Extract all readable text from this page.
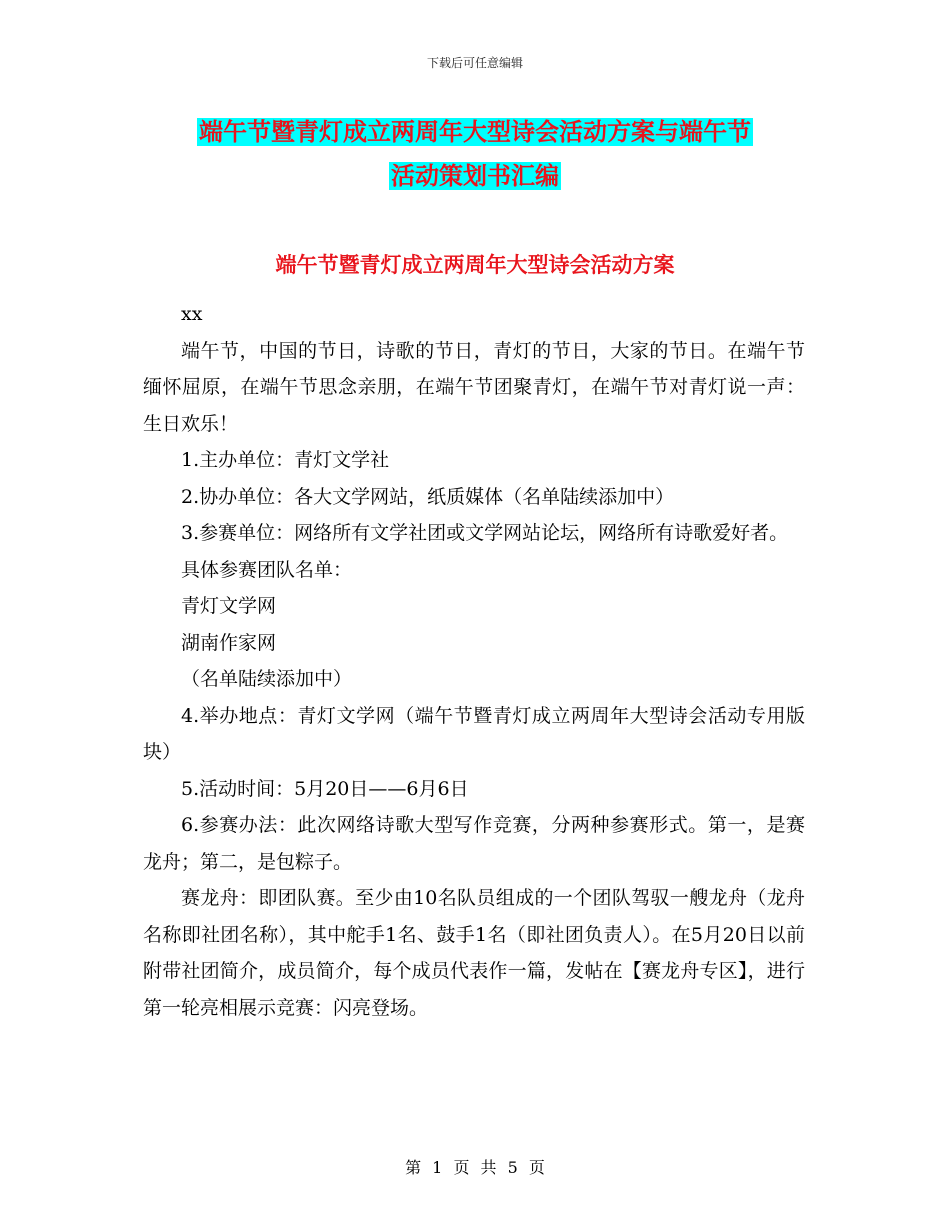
下载后可任意编辑
端午节暨青灯成立两周年大型诗会活动方案与端午节
活动策划书汇编
端午节暨青灯成立两周年大型诗会活动方案

xx

端午节，中国的节日，诗歌的节日，青灯的节日，大家的节日。在端午节缅怀屈原，在端午节思念亲朋，在端午节团聚青灯，在端午节对青灯说一声：生日欢乐！

1.主办单位：青灯文学社

2.协办单位：各大文学网站，纸质媒体（名单陆续添加中）

3.参赛单位：网络所有文学社团或文学网站论坛，网络所有诗歌爱好者。

具体参赛团队名单：

青灯文学网

湖南作家网

（名单陆续添加中）

4.举办地点：青灯文学网（端午节暨青灯成立两周年大型诗会活动专用版块）

5.活动时间：5月20日——6月6日

6.参赛办法：此次网络诗歌大型写作竞赛，分两种参赛形式。第一，是赛龙舟；第二，是包粽子。

赛龙舟：即团队赛。至少由10名队员组成的一个团队驾驭一艘龙舟（龙舟名称即社团名称），其中舵手1名、鼓手1名（即社团负责人）。在5月20日以前附带社团简介，成员简介，每个成员代表作一篇，发帖在【赛龙舟专区】，进行第一轮亮相展示竞赛：闪亮登场。

第 1 页 共 5 页
